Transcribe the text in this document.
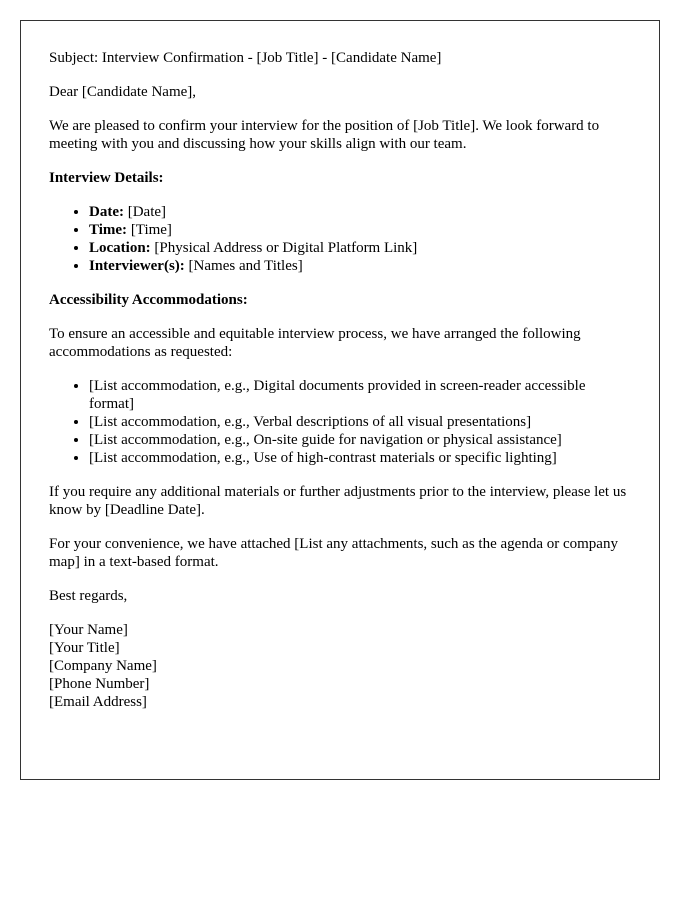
Subject: Interview Confirmation - [Job Title] - [Candidate Name]

Dear [Candidate Name],

We are pleased to confirm your interview for the position of [Job Title]. We look forward to meeting with you and discussing how your skills align with our team.

Interview Details:

• Date: [Date]
• Time: [Time]
• Location: [Physical Address or Digital Platform Link]
• Interviewer(s): [Names and Titles]

Accessibility Accommodations:

To ensure an accessible and equitable interview process, we have arranged the following accommodations as requested:

• [List accommodation, e.g., Digital documents provided in screen-reader accessible format]
• [List accommodation, e.g., Verbal descriptions of all visual presentations]
• [List accommodation, e.g., On-site guide for navigation or physical assistance]
• [List accommodation, e.g., Use of high-contrast materials or specific lighting]

If you require any additional materials or further adjustments prior to the interview, please let us know by [Deadline Date].

For your convenience, we have attached [List any attachments, such as the agenda or company map] in a text-based format.

Best regards,

[Your Name]
[Your Title]
[Company Name]
[Phone Number]
[Email Address]
